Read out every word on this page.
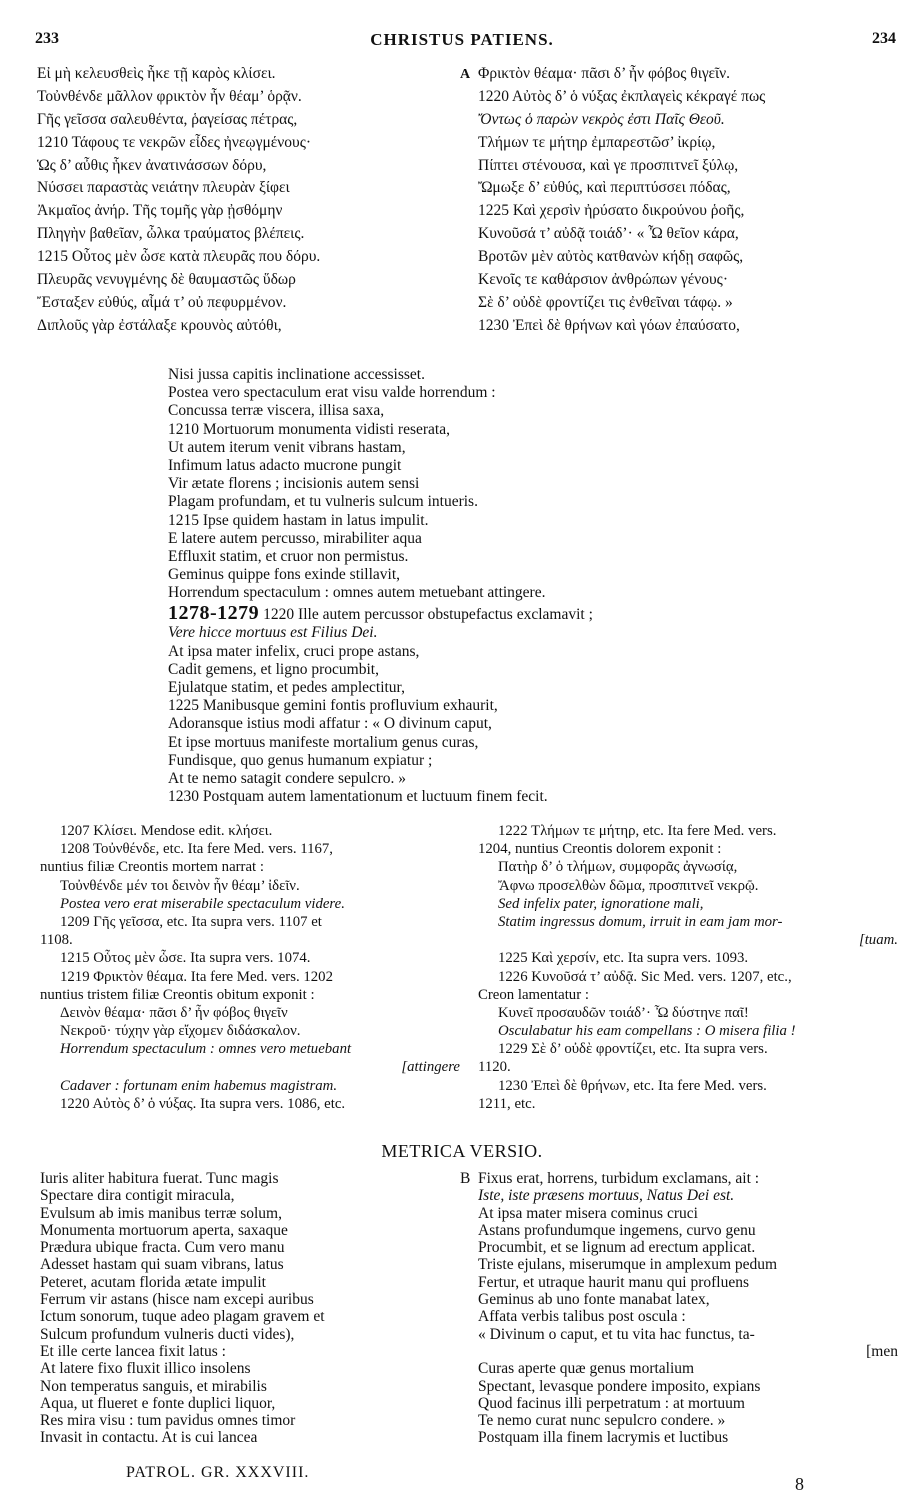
233	CHRISTUS PATIENS.	234
Εἰ μὴ κελευσθεὶς ἧκε τῇ καρὸς κλίσει.
Τοὐνθένδε μᾶλλον φρικτὸν ἦν θέαμ’ ὁρᾷν.
Γῆς γεῖσσα σαλευθέντα, ῥαγείσας πέτρας,
1210 Τάφους τε νεκρῶν εἶδες ἠνεῳγμένους·
Ὡς δ’ αὖθις ἧκεν ἀνατινάσσων δόρυ,
Νύσσει παραστὰς νειάτην πλευρὰν ξίφει
Ἀκμαῖος ἀνήρ. Τῆς τομῆς γὰρ ᾐσθόμην
Πληγὴν βαθεῖαν, ὦλκα τραύματος βλέπεις.
1215 Οὗτος μὲν ὧσε κατὰ πλευρᾶς που δόρυ.
Πλευρᾶς νενυγμένης δὲ θαυμαστῶς ὕδωρ
Ἔσταξεν εὐθύς, αἷμά τ’ οὐ πεφυρμένον.
Διπλοῦς γὰρ ἐστάλαξε κρουνὸς αὐτόθι,
A Φρικτὸν θέαμα· πᾶσι δ’ ἦν φόβος θιγεῖν.
1220 Αὐτὸς δ’ ὁ νύξας ἐκπλαγεὶς κέκραγέ πως
Ὄντως ὁ παρὼν νεκρὸς ἐστι Παῖς Θεοῦ.
Τλήμων τε μήτηρ ἐμπαρεστῶσ’ ἰκρίῳ,
Πίπτει στένουσα, καὶ γε προσπιτνεῖ ξύλῳ,
Ὤμωξε δ’ εὐθύς, καὶ περιπτύσσει πόδας,
1225 Καὶ χερσὶν ἠρύσατο δικρούνου ῥοῆς,
Κυνοῦσά τ’ αὐδᾷ τοιάδ’· « Ὦ θεῖον κάρα,
Βροτῶν μὲν αὐτὸς κατθανὼν κήδῃ σαφῶς,
Κενοῖς τε καθάρσιον ἀνθρώπων γένους·
Σὲ δ’ οὐδὲ φροντίζει τις ἐνθεῖναι τάφῳ. »
1230 Ἐπεὶ δὲ θρήνων καὶ γόων ἐπαύσατο,
Nisi jussa capitis inclinatione accessisset.
Postea vero spectaculum erat visu valde horrendum :
Concussa terræ viscera, illisa saxa,
1210 Mortuorum monumenta vidisti reserata,
Ut autem iterum venit vibrans hastam,
Infimum latus adacto mucrone pungit
Vir ætate florens ; incisionis autem sensi
Plagam profundam, et tu vulneris sulcum intueris.
1215 Ipse quidem hastam in latus impulit.
E latere autem percusso, mirabiliter aqua
Effluxit statim, et cruor non permistus.
Geminus quippe fons exinde stillavit,
Horrendum spectaculum : omnes autem metuebant attingere.
1278-1279 1220 Ille autem percussor obstupefactus exclamavit ;
Vere hicce mortuus est Filius Dei.
At ipsa mater infelix, cruci prope astans,
Cadit gemens, et ligno procumbit,
Ejulatque statim, et pedes amplectitur,
1225 Manibusque gemini fontis profluvium exhaurit,
Adoransque istius modi affatur : « O divinum caput,
Et ipse mortuus manifeste mortalium genus curas,
Fundisque, quo genus humanum expiatur ;
At te nemo satagit condere sepulcro. »
1230 Postquam autem lamentationum et luctuum finem fecit.
1207 Κλίσει. Mendose edit. κλήσει.
1208 Τοὐνθένδε, etc. Ita fere Med. vers. 1167,
nuntius filiæ Creontis mortem narrat :
Τοὐνθένδε μέν τοι δεινὸν ἦν θέαμ’ ἰδεῖν.
Postea vero erat miserabile spectaculum videre.
1209 Γῆς γεῖσσα, etc. Ita supra vers. 1107 et
1108.
1215 Οὗτος μὲν ὧσε. Ita supra vers. 1074.
1219 Φρικτὸν θέαμα. Ita fere Med. vers. 1202
nuntius tristem filiæ Creontis obitum exponit :
Δεινὸν θέαμα· πᾶσι δ’ ἦν φόβος θιγεῖν
Νεκροῦ· τύχην γὰρ εἴχομεν διδάσκαλον.
Horrendum spectaculum : omnes vero metuebant
[attingere
Cadaver : fortunam enim habemus magistram.
1220 Αὐτὸς δ’ ὁ νύξας. Ita supra vers. 1086, etc.
1222 Τλήμων τε μήτηρ, etc. Ita fere Med. vers.
1204, nuntius Creontis dolorem exponit :
Πατὴρ δ’ ὁ τλήμων, συμφορᾶς ἀγνωσίᾳ,
Ἄφνω προσελθὼν δῶμα, προσπιτνεῖ νεκρῷ.
Sed infelix pater, ignoratione mali,
Statim ingressus domum, irruit in eam jam mor-
[tuam.
1225 Καὶ χερσίν, etc. Ita supra vers. 1093.
1226 Κυνοῦσά τ’ αὐδᾷ. Sic Med. vers. 1207, etc.,
Creon lamentatur :
Κυνεῖ προσαυδῶν τοιάδ’· Ὦ δύστηνε παῖ!
Osculabatur his eam compellans : O misera filia !
1229 Σὲ δ’ οὐδὲ φροντίζει, etc. Ita supra vers.
1120.
1230 Ἐπεὶ δὲ θρήνων, etc. Ita fere Med. vers.
1211, etc.
METRICA VERSIO.
Iuris aliter habitura fuerat. Tunc magis
Spectare dira contigit miracula,
Evulsum ab imis manibus terræ solum,
Monumenta mortuorum aperta, saxaque
Prædura ubique fracta. Cum vero manu
Adesset hastam qui suam vibrans, latus
Peteret, acutam florida ætate impulit
Ferrum vir astans (hisce nam excepi auribus
Ictum sonorum, tuque adeo plagam gravem et
Sulcum profundum vulneris ducti vides),
Et ille certe lancea fixit latus :
At latere fixo fluxit illico insolens
Non temperatus sanguis, et mirabilis
Aqua, ut flueret e fonte duplici liquor,
Res mira visu : tum pavidus omnes timor
Invasit in contactu. At is cui lancea
B Fixus erat, horrens, turbidum exclamans, ait :
Iste, iste præsens mortuus, Natus Dei est.
At ipsa mater misera cominus cruci
Astans profundumque ingemens, curvo genu
Procumbit, et se lignum ad erectum applicat.
Triste ejulans, miserumque in amplexum pedum
Fertur, et utraque haurit manu qui profluens
Geminus ab uno fonte manabat latex,
Affata verbis talibus post oscula :
« Divinum o caput, et tu vita hac functus, ta-
[men
Curas aperte quæ genus mortalium
Spectant, levasque pondere imposito, expians
Quod facinus illi perpetratum : at mortuum
Te nemo curat nunc sepulcro condere. »
Postquam illa finem lacrymis et luctibus
PATROL. GR. XXXVIII.
8
